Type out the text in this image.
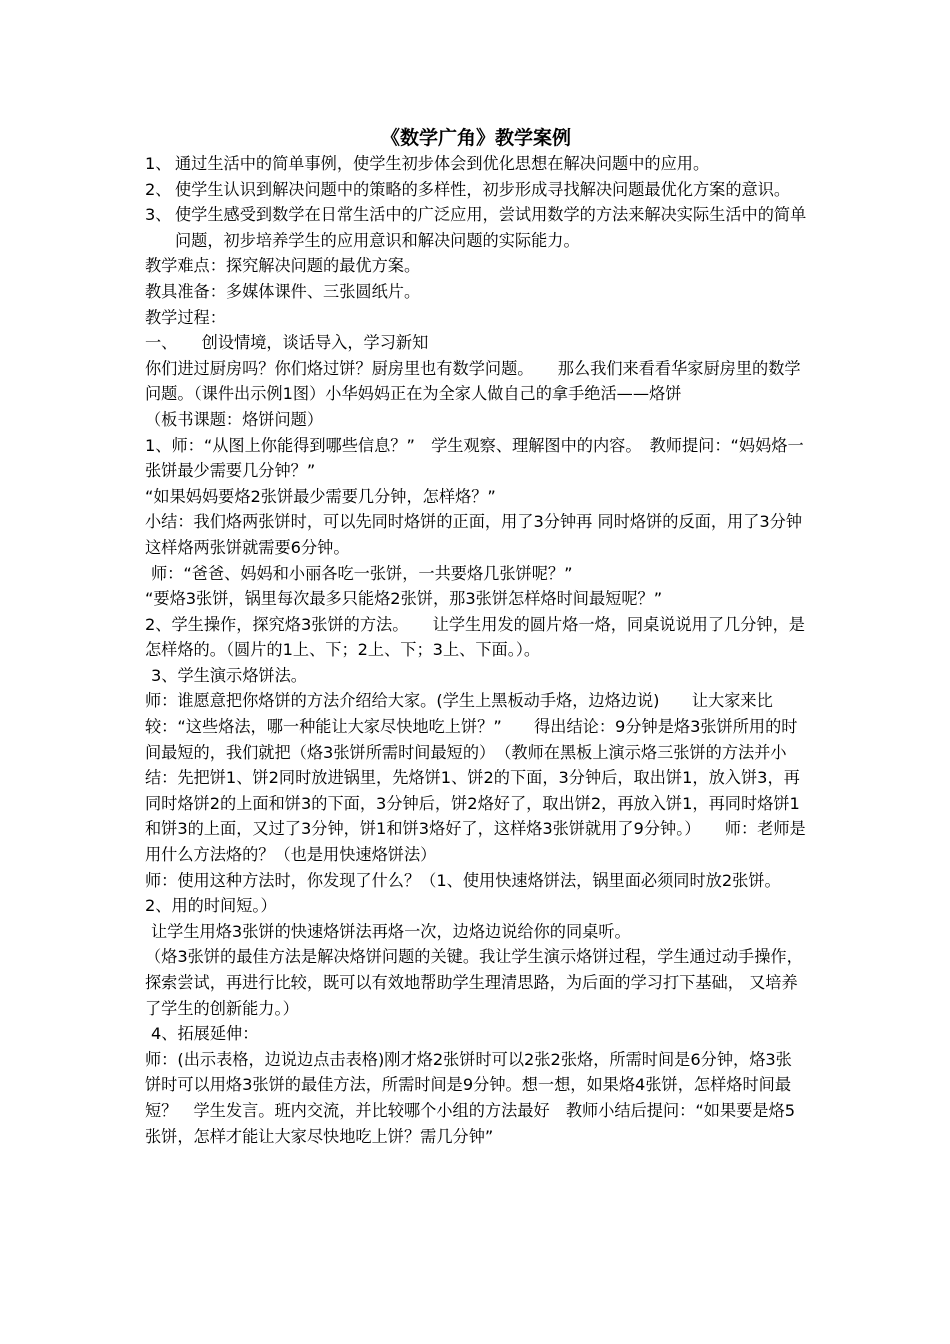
《数学广角》教学案例
1、 通过生活中的简单事例，使学生初步体会到优化思想在解决问题中的应用。
2、 使学生认识到解决问题中的策略的多样性，初步形成寻找解决问题最优化方案的意识。
3、 使学生感受到数学在日常生活中的广泛应用，尝试用数学的方法来解决实际生活中的简单问题，初步培养学生的应用意识和解决问题的实际能力。

教学难点：探究解决问题的最优方案。

教具准备：多媒体课件、三张圆纸片。

教学过程：

一、　　创设情境，谈话导入，学习新知

你们进过厨房吗？你们烙过饼？厨房里也有数学问题。　　那么我们来看看华家厨房里的数学问题。（课件出示例1图）小华妈妈正在为全家人做自己的拿手绝活——烙饼

（板书课题：烙饼问题）

1、师：“从图上你能得到哪些信息？”　学生观察、理解图中的内容。　教师提问：“妈妈烙一张饼最少需要几分钟？”

“如果妈妈要烙2张饼最少需要几分钟，怎样烙？”

小结：我们烙两张饼时，可以先同时烙饼的正面，用了3分钟再 同时烙饼的反面，用了3分钟这样烙两张饼就需要6分钟。

师：“爸爸、妈妈和小丽各吃一张饼，一共要烙几张饼呢？”

“要烙3张饼，锅里每次最多只能烙2张饼，那3张饼怎样烙时间最短呢？”

2、学生操作，探究烙3张饼的方法。　　让学生用发的圆片烙一烙，同桌说说用了几分钟，是怎样烙的。（圆片的1上、下；2上、下；3上、下面。）。

3、学生演示烙饼法。

师：谁愿意把你烙饼的方法介绍给大家。(学生上黑板动手烙，边烙边说)　　让大家来比较：“这些烙法，哪一种能让大家尽快地吃上饼？”　　得出结论：9分钟是烙3张饼所用的时间最短的，我们就把（烙3张饼所需时间最短的）　（教师在黑板上演示烙三张饼的方法并小结：先把饼1、饼2同时放进锅里，先烙饼1、饼2的下面，3分钟后，取出饼1，放入饼3，再同时烙饼2的上面和饼3的下面，3分钟后，饼2烙好了，取出饼2，再放入饼1，再同时烙饼1和饼3的上面，又过了3分钟，饼1和饼3烙好了，这样烙3张饼就用了9分钟。）　　师：老师是用什么方法烙的？（也是用快速烙饼法）

师：使用这种方法时，你发现了什么？（1、使用快速烙饼法，锅里面必须同时放2张饼。2、用的时间短。）

让学生用烙3张饼的快速烙饼法再烙一次，边烙边说给你的同桌听。

（烙3张饼的最佳方法是解决烙饼问题的关键。我让学生演示烙饼过程，学生通过动手操作，探索尝试，再进行比较，既可以有效地帮助学生理清思路，为后面的学习打下基础， 又培养了学生的创新能力。）

4、拓展延伸：

师：(出示表格，边说边点击表格)刚才烙2张饼时可以2张2张烙，所需时间是6分钟，烙3张饼时可以用烙3张饼的最佳方法，所需时间是9分钟。想一想，如果烙4张饼，怎样烙时间最短？　学生发言。班内交流，并比较哪个小组的方法最好　教师小结后提问：“如果要是烙5张饼，怎样才能让大家尽快地吃上饼？需几分钟”
